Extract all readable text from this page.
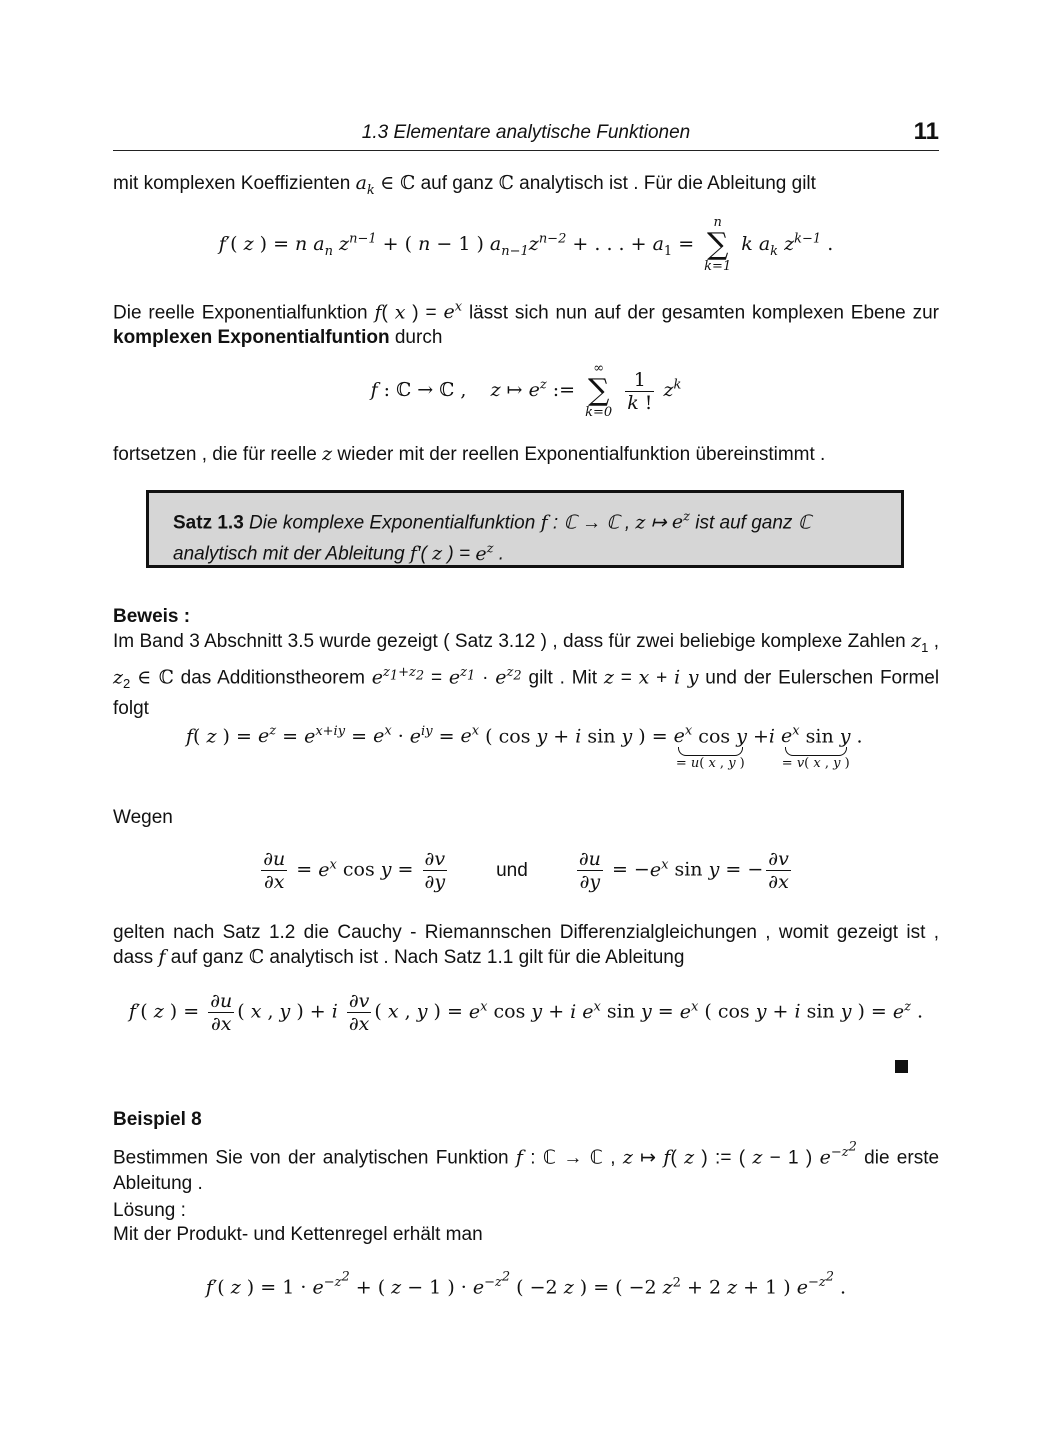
1.3 Elementare analytische Funktionen	11
mit komplexen Koeffizienten $a_k$ ∈ ℂ auf ganz ℂ analytisch ist . Für die Ableitung gilt
f′( z ) = n $a_n$ $z^{n-1}$ + ( n − 1 ) $a_{n-1}z^{n-2}$ + . . . + $a_1$ =
n
∑
k=1
k $a_k$ $z^{k-1}$ .
Die reelle Exponentialfunktion f( x ) = $e^x$ lässt sich nun auf der gesamten komplexen Ebene zur komplexen Exponentialfuntion durch
f : ℂ → ℂ ,    z ↦ $e^z$ :=
∞
∑
k=0
$\frac{1}{k !} z^k$
fortsetzen , die für reelle z wieder mit der reellen Exponentialfunktion übereinstimmt .
Satz 1.3 Die komplexe Exponentialfunktion f : ℂ → ℂ , z ↦ $e^z$ ist auf ganz ℂ analytisch mit der Ableitung f′( z ) = $e^z$ .
Beweis :
Im Band 3 Abschnitt 3.5 wurde gezeigt ( Satz 3.12 ) , dass für zwei beliebige komplexe Zahlen $z_1$ , $z_2$ ∈ ℂ das Additionstheorem $e^{z_1+z_2} = e^{z_1} \cdot e^{z_2}$ gilt . Mit z = x + i y und der Eulerschen Formel folgt
f( z ) = $e^z = e^{x+iy} = e^x \cdot e^{iy} = e^x$ ( cos y + i sin y ) = $e^x$ cos y
= u( x , y )
+i $e^x$ sin y
= v( x , y )
.
Wegen
$\frac{\partial u}{\partial x} = e^x$ $\cos y = \frac{\partial v}{\partial y}$	und	$\frac{\partial u}{\partial y} = -e^x$ sin y = − $\frac{\partial v}{\partial x}$
gelten nach Satz 1.2 die Cauchy - Riemannschen Differenzialgleichungen , womit gezeigt ist , dass f auf ganz ℂ analytisch ist . Nach Satz 1.1 gilt für die Ableitung
f′( z ) = $\frac{\partial u}{\partial x}$ ( x , y ) + i $\frac{\partial v}{\partial x}$ ( x , y ) = $e^x$ cos y + i $e^x$ $\sin y = e^x$ ( cos y + i sin y ) = $e^z$ .
Beispiel 8
Bestimmen Sie von der analytischen Funktion f : ℂ → ℂ , z ↦ f( z ) := ( z − 1 ) $e^{-z^2}$ die erste Ableitung .
Lösung :
Mit der Produkt- und Kettenregel erhält man
f′( z ) = $1 \cdot e^{-z^2}$ + ( z − 1 ) · $e^{-z^2}$ ( −2 z ) = ( −2 $z^2 + 2$ z + 1 ) $e^{-z^2}$ .
